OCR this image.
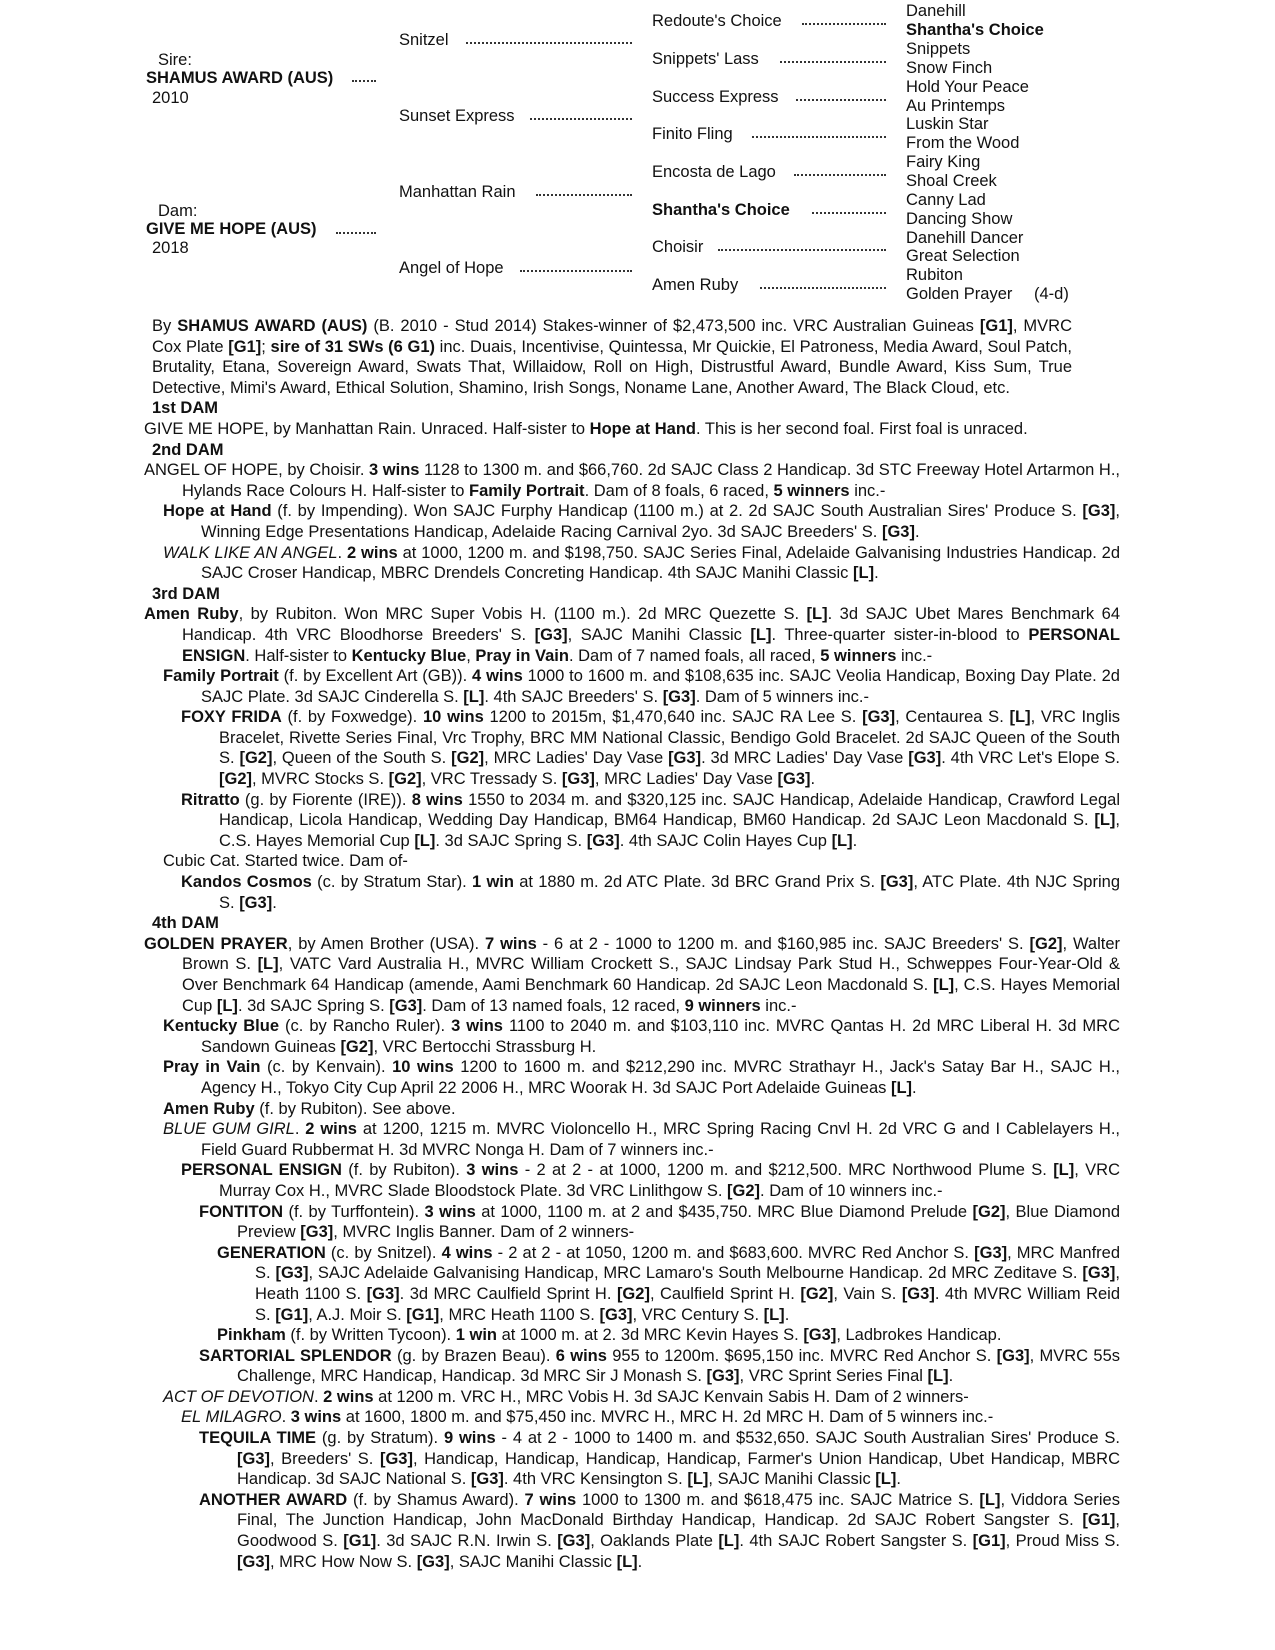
Sire:
SHAMUS AWARD (AUS)
2010
Dam:
GIVE ME HOPE (AUS)
2018
Snitzel
Sunset Express
Manhattan Rain
Angel of Hope
Redoute's Choice
Snippets' Lass
Success Express
Finito Fling
Encosta de Lago
Shantha's Choice
Choisir
Amen Ruby
Danehill
Shantha's Choice
Snippets
Snow Finch
Hold Your Peace
Au Printemps
Luskin Star
From the Wood
Fairy King
Shoal Creek
Canny Lad
Dancing Show
Danehill Dancer
Great Selection
Rubiton
Golden Prayer (4-d)
By SHAMUS AWARD (AUS) (B. 2010 - Stud 2014) Stakes-winner of $2,473,500 inc. VRC Australian Guineas [G1], MVRC Cox Plate [G1]; sire of 31 SWs (6 G1) inc. Duais, Incentivise, Quintessa, Mr Quickie, El Patroness, Media Award, Soul Patch, Brutality, Etana, Sovereign Award, Swats That, Willaidow, Roll on High, Distrustful Award, Bundle Award, Kiss Sum, True Detective, Mimi's Award, Ethical Solution, Shamino, Irish Songs, Noname Lane, Another Award, The Black Cloud, etc.
1st DAM
GIVE ME HOPE, by Manhattan Rain. Unraced. Half-sister to Hope at Hand. This is her second foal. First foal is unraced.
2nd DAM
ANGEL OF HOPE, by Choisir. 3 wins 1128 to 1300 m. and $66,760. 2d SAJC Class 2 Handicap. 3d STC Freeway Hotel Artarmon H., Hylands Race Colours H. Half-sister to Family Portrait. Dam of 8 foals, 6 raced, 5 winners inc.-
Hope at Hand (f. by Impending). Won SAJC Furphy Handicap (1100 m.) at 2. 2d SAJC South Australian Sires' Produce S. [G3], Winning Edge Presentations Handicap, Adelaide Racing Carnival 2yo. 3d SAJC Breeders' S. [G3].
WALK LIKE AN ANGEL. 2 wins at 1000, 1200 m. and $198,750. SAJC Series Final, Adelaide Galvanising Industries Handicap. 2d SAJC Croser Handicap, MBRC Drendels Concreting Handicap. 4th SAJC Manihi Classic [L].
3rd DAM
Amen Ruby, by Rubiton. Won MRC Super Vobis H. (1100 m.). 2d MRC Quezette S. [L]. 3d SAJC Ubet Mares Benchmark 64 Handicap. 4th VRC Bloodhorse Breeders' S. [G3], SAJC Manihi Classic [L]. Three-quarter sister-in-blood to PERSONAL ENSIGN. Half-sister to Kentucky Blue, Pray in Vain. Dam of 7 named foals, all raced, 5 winners inc.-
Family Portrait (f. by Excellent Art (GB)). 4 wins 1000 to 1600 m. and $108,635 inc. SAJC Veolia Handicap, Boxing Day Plate. 2d SAJC Plate. 3d SAJC Cinderella S. [L]. 4th SAJC Breeders' S. [G3]. Dam of 5 winners inc.-
FOXY FRIDA (f. by Foxwedge). 10 wins 1200 to 2015m, $1,470,640 inc. SAJC RA Lee S. [G3], Centaurea S. [L], VRC Inglis Bracelet, Rivette Series Final, Vrc Trophy, BRC MM National Classic, Bendigo Gold Bracelet. 2d SAJC Queen of the South S. [G2], Queen of the South S. [G2], MRC Ladies' Day Vase [G3]. 3d MRC Ladies' Day Vase [G3]. 4th VRC Let's Elope S. [G2], MVRC Stocks S. [G2], VRC Tressady S. [G3], MRC Ladies' Day Vase [G3].
Ritratto (g. by Fiorente (IRE)). 8 wins 1550 to 2034 m. and $320,125 inc. SAJC Handicap, Adelaide Handicap, Crawford Legal Handicap, Licola Handicap, Wedding Day Handicap, BM64 Handicap, BM60 Handicap. 2d SAJC Leon Macdonald S. [L], C.S. Hayes Memorial Cup [L]. 3d SAJC Spring S. [G3]. 4th SAJC Colin Hayes Cup [L].
Cubic Cat. Started twice. Dam of-
Kandos Cosmos (c. by Stratum Star). 1 win at 1880 m. 2d ATC Plate. 3d BRC Grand Prix S. [G3], ATC Plate. 4th NJC Spring S. [G3].
4th DAM
GOLDEN PRAYER, by Amen Brother (USA). 7 wins - 6 at 2 - 1000 to 1200 m. and $160,985 inc. SAJC Breeders' S. [G2], Walter Brown S. [L], VATC Vard Australia H., MVRC William Crockett S., SAJC Lindsay Park Stud H., Schweppes Four-Year-Old & Over Benchmark 64 Handicap (amende, Aami Benchmark 60 Handicap. 2d SAJC Leon Macdonald S. [L], C.S. Hayes Memorial Cup [L]. 3d SAJC Spring S. [G3]. Dam of 13 named foals, 12 raced, 9 winners inc.-
Kentucky Blue (c. by Rancho Ruler). 3 wins 1100 to 2040 m. and $103,110 inc. MVRC Qantas H. 2d MRC Liberal H. 3d MRC Sandown Guineas [G2], VRC Bertocchi Strassburg H.
Pray in Vain (c. by Kenvain). 10 wins 1200 to 1600 m. and $212,290 inc. MVRC Strathayr H., Jack's Satay Bar H., SAJC H., Agency H., Tokyo City Cup April 22 2006 H., MRC Woorak H. 3d SAJC Port Adelaide Guineas [L].
Amen Ruby (f. by Rubiton). See above.
BLUE GUM GIRL. 2 wins at 1200, 1215 m. MVRC Violoncello H., MRC Spring Racing Cnvl H. 2d VRC G and I Cablelayers H., Field Guard Rubbermat H. 3d MVRC Nonga H. Dam of 7 winners inc.-
PERSONAL ENSIGN (f. by Rubiton). 3 wins - 2 at 2 - at 1000, 1200 m. and $212,500. MRC Northwood Plume S. [L], VRC Murray Cox H., MVRC Slade Bloodstock Plate. 3d VRC Linlithgow S. [G2]. Dam of 10 winners inc.-
FONTITON (f. by Turffontein). 3 wins at 1000, 1100 m. at 2 and $435,750. MRC Blue Diamond Prelude [G2], Blue Diamond Preview [G3], MVRC Inglis Banner. Dam of 2 winners-
GENERATION (c. by Snitzel). 4 wins - 2 at 2 - at 1050, 1200 m. and $683,600. MVRC Red Anchor S. [G3], MRC Manfred S. [G3], SAJC Adelaide Galvanising Handicap, MRC Lamaro's South Melbourne Handicap. 2d MRC Zeditave S. [G3], Heath 1100 S. [G3]. 3d MRC Caulfield Sprint H. [G2], Caulfield Sprint H. [G2], Vain S. [G3]. 4th MVRC William Reid S. [G1], A.J. Moir S. [G1], MRC Heath 1100 S. [G3], VRC Century S. [L].
Pinkham (f. by Written Tycoon). 1 win at 1000 m. at 2. 3d MRC Kevin Hayes S. [G3], Ladbrokes Handicap.
SARTORIAL SPLENDOR (g. by Brazen Beau). 6 wins 955 to 1200m. $695,150 inc. MVRC Red Anchor S. [G3], MVRC 55s Challenge, MRC Handicap, Handicap. 3d MRC Sir J Monash S. [G3], VRC Sprint Series Final [L].
ACT OF DEVOTION. 2 wins at 1200 m. VRC H., MRC Vobis H. 3d SAJC Kenvain Sabis H. Dam of 2 winners-
EL MILAGRO. 3 wins at 1600, 1800 m. and $75,450 inc. MVRC H., MRC H. 2d MRC H. Dam of 5 winners inc.-
TEQUILA TIME (g. by Stratum). 9 wins - 4 at 2 - 1000 to 1400 m. and $532,650. SAJC South Australian Sires' Produce S. [G3], Breeders' S. [G3], Handicap, Handicap, Handicap, Handicap, Farmer's Union Handicap, Ubet Handicap, MBRC Handicap. 3d SAJC National S. [G3]. 4th VRC Kensington S. [L], SAJC Manihi Classic [L].
ANOTHER AWARD (f. by Shamus Award). 7 wins 1000 to 1300 m. and $618,475 inc. SAJC Matrice S. [L], Viddora Series Final, The Junction Handicap, John MacDonald Birthday Handicap, Handicap. 2d SAJC Robert Sangster S. [G1], Goodwood S. [G1]. 3d SAJC R.N. Irwin S. [G3], Oaklands Plate [L]. 4th SAJC Robert Sangster S. [G1], Proud Miss S. [G3], MRC How Now S. [G3], SAJC Manihi Classic [L].
